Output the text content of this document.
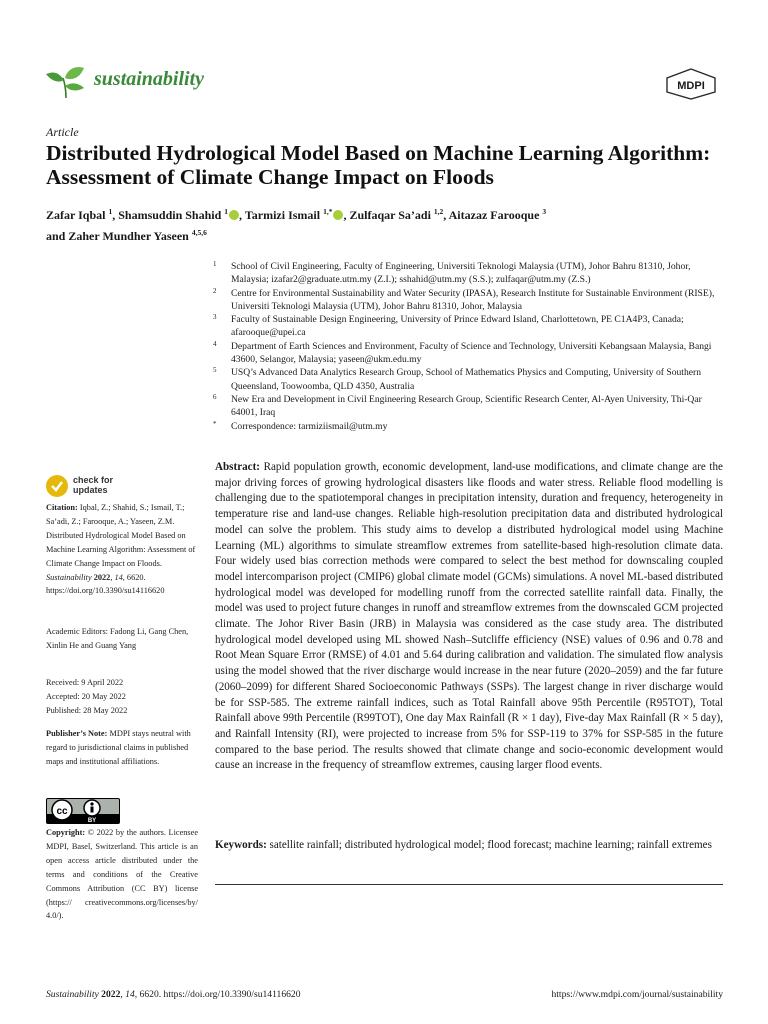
sustainability	MDPI
Article
Distributed Hydrological Model Based on Machine Learning Algorithm: Assessment of Climate Change Impact on Floods
Zafar Iqbal $^1$, Shamsuddin Shahid $^1$ , Tarmizi Ismail $^{1,*}$ , Zulfaqar Sa’adi $^{1,2}$, Aitazaz Farooque $^3$
and Zaher Mundher Yaseen $^{4,5,6}$
1 School of Civil Engineering, Faculty of Engineering, Universiti Teknologi Malaysia (UTM), Johor Bahru 81310, Johor, Malaysia; izafar2@graduate.utm.my (Z.I.); sshahid@utm.my (S.S.); zulfaqar@utm.my (Z.S.)
2 Centre for Environmental Sustainability and Water Security (IPASA), Research Institute for Sustainable Environment (RISE), Universiti Teknologi Malaysia (UTM), Johor Bahru 81310, Johor, Malaysia
3 Faculty of Sustainable Design Engineering, University of Prince Edward Island, Charlottetown, PE C1A4P3, Canada; afarooque@upei.ca
4 Department of Earth Sciences and Environment, Faculty of Science and Technology, Universiti Kebangsaan Malaysia, Bangi 43600, Selangor, Malaysia; yaseen@ukm.edu.my
5 USQ’s Advanced Data Analytics Research Group, School of Mathematics Physics and Computing, University of Southern Queensland, Toowoomba, QLD 4350, Australia
6 New Era and Development in Civil Engineering Research Group, Scientific Research Center, Al-Ayen University, Thi-Qar 64001, Iraq
* Correspondence: tarmiziismail@utm.my
check for
updates
Citation: Iqbal, Z.; Shahid, S.; Ismail, T.; Sa’adi, Z.; Farooque, A.; Yaseen, Z.M. Distributed Hydrological Model Based on Machine Learning Algorithm: Assessment of Climate Change Impact on Floods. Sustainability 2022, 14, 6620. https://doi.org/10.3390/su14116620
Academic Editors: Fadong Li, Gang Chen, Xinlin He and Guang Yang
Received: 9 April 2022
Accepted: 20 May 2022
Published: 28 May 2022
Publisher’s Note: MDPI stays neutral with regard to jurisdictional claims in published maps and institutional affiliations.
cc
BY
Copyright: © 2022 by the authors. Licensee MDPI, Basel, Switzerland. This article is an open access article distributed under the terms and conditions of the Creative Commons Attribution (CC BY) license (https:// creativecommons.org/licenses/by/ 4.0/).
Abstract: Rapid population growth, economic development, land-use modifications, and climate change are the major driving forces of growing hydrological disasters like floods and water stress. Reliable flood modelling is challenging due to the spatiotemporal changes in precipitation intensity, duration and frequency, heterogeneity in temperature rise and land-use changes. Reliable high-resolution precipitation data and distributed hydrological model can solve the problem. This study aims to develop a distributed hydrological model using Machine Learning (ML) algorithms to simulate streamflow extremes from satellite-based high-resolution climate data. Four widely used bias correction methods were compared to select the best method for downscaling coupled model intercomparison project (CMIP6) global climate model (GCMs) simulations. A novel ML-based distributed hydrological model was developed for modelling runoff from the corrected satellite rainfall data. Finally, the model was used to project future changes in runoff and streamflow extremes from the downscaled GCM projected climate. The Johor River Basin (JRB) in Malaysia was considered as the case study area. The distributed hydrological model developed using ML showed Nash–Sutcliffe efficiency (NSE) values of 0.96 and 0.78 and Root Mean Square Error (RMSE) of 4.01 and 5.64 during calibration and validation. The simulated flow analysis using the model showed that the river discharge would increase in the near future (2020–2059) and the far future (2060–2099) for different Shared Socioeconomic Pathways (SSPs). The largest change in river discharge would be for SSP-585. The extreme rainfall indices, such as Total Rainfall above 95th Percentile (R95TOT), Total Rainfall above 99th Percentile (R99TOT), One day Max Rainfall (R × 1 day), Five-day Max Rainfall (R × 5 day), and Rainfall Intensity (RI), were projected to increase from 5% for SSP-119 to 37% for SSP-585 in the future compared to the base period. The results showed that climate change and socio-economic development would cause an increase in the frequency of streamflow extremes, causing larger flood events.
Keywords: satellite rainfall; distributed hydrological model; flood forecast; machine learning; rainfall extremes
Sustainability 2022, 14, 6620. https://doi.org/10.3390/su14116620	https://www.mdpi.com/journal/sustainability
